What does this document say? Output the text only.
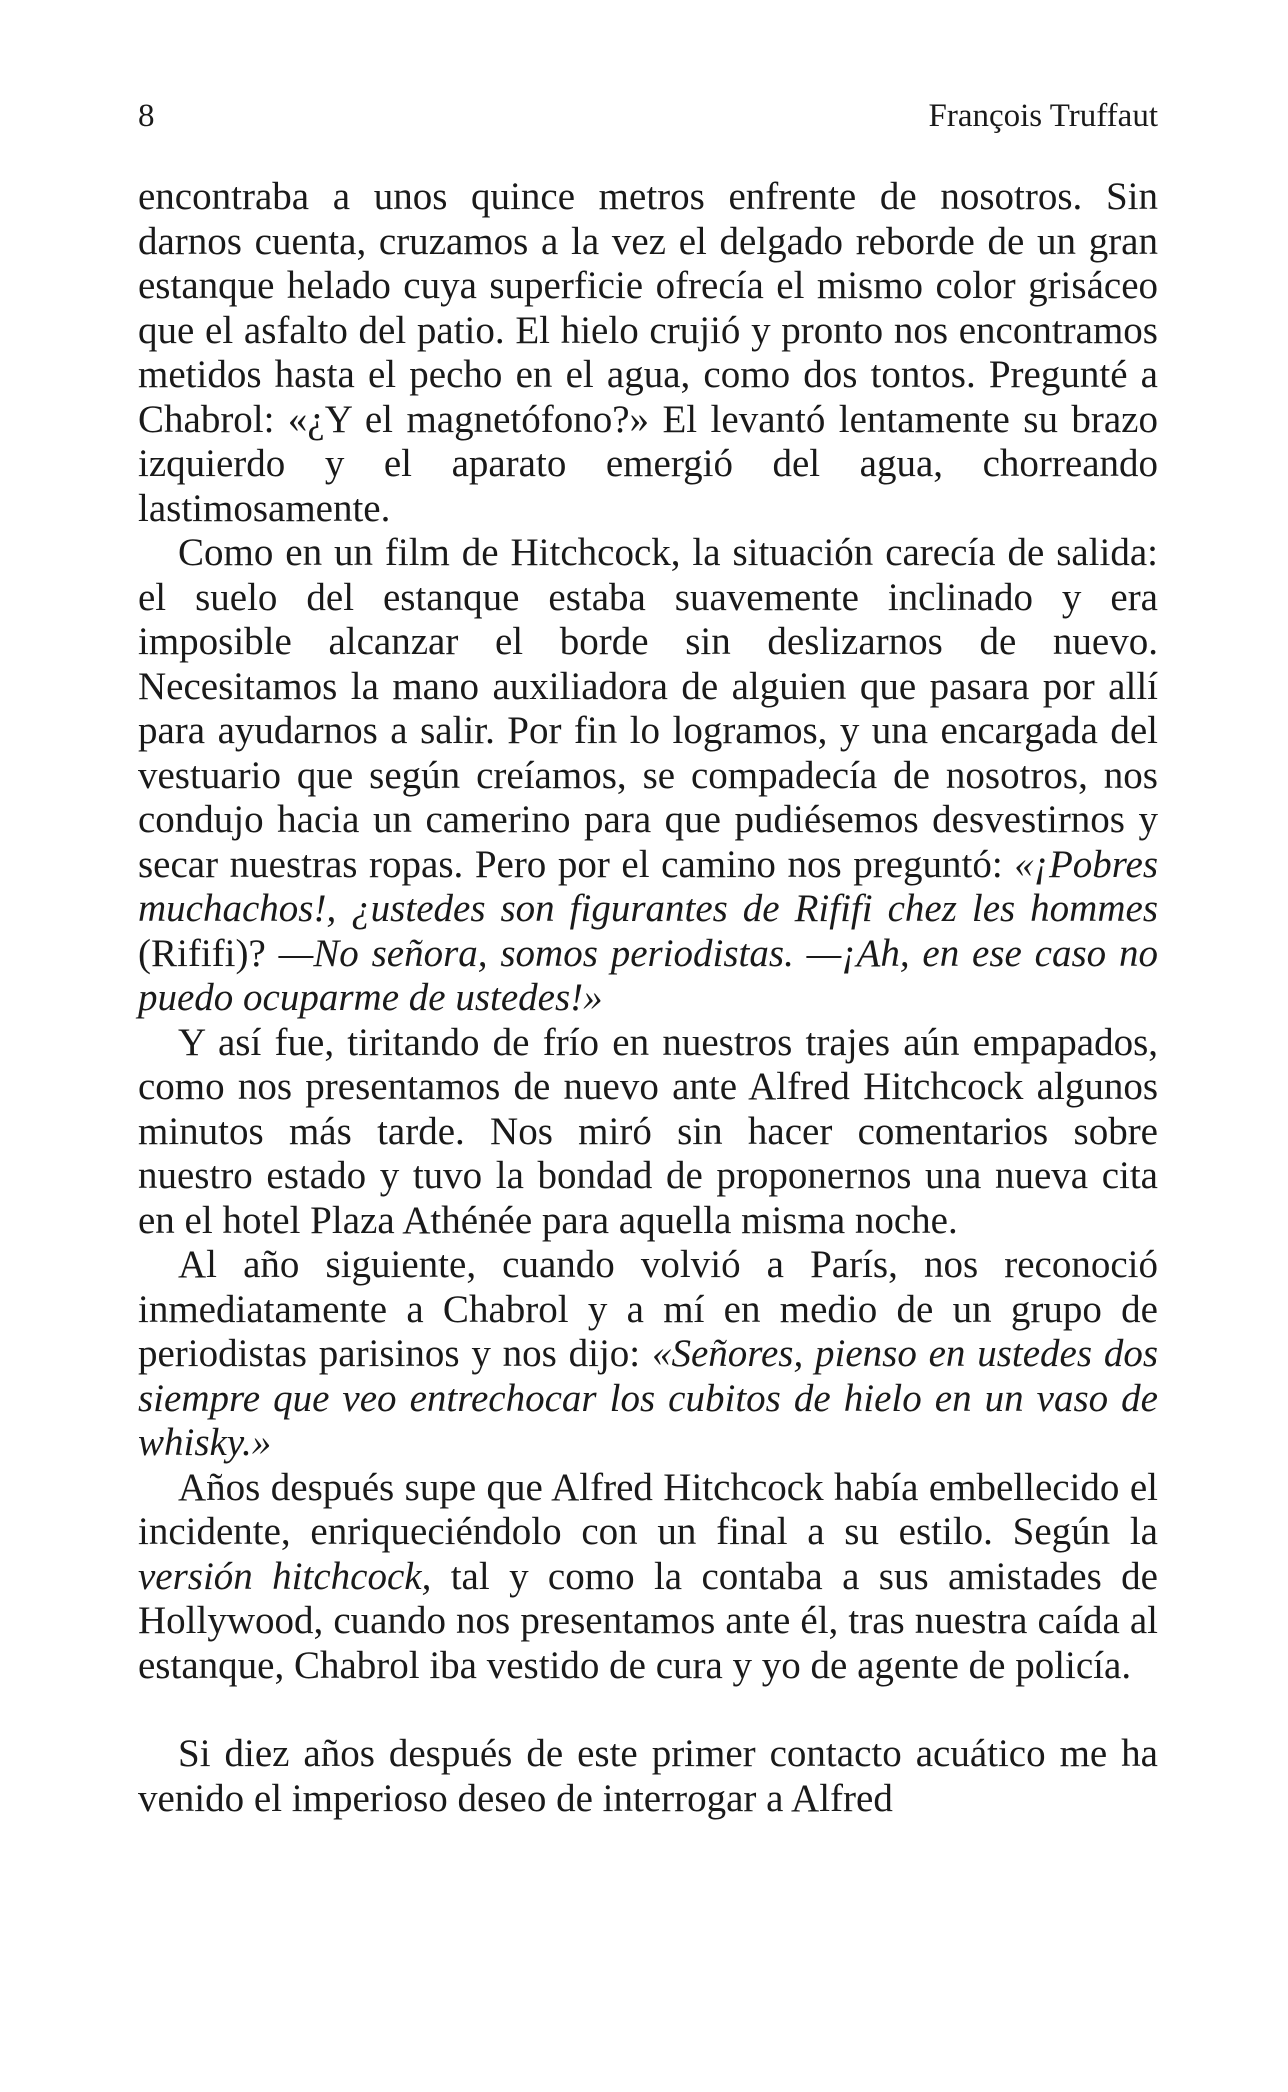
8	François Truffaut

encontraba a unos quince metros enfrente de nosotros. Sin darnos cuenta, cruzamos a la vez el delgado reborde de un gran estanque helado cuya superficie ofrecía el mismo color grisáceo que el asfalto del patio. El hielo crujió y pronto nos encontramos metidos hasta el pecho en el agua, como dos tontos. Pregunté a Chabrol: «¿Y el magnetófono?» El levantó lentamente su brazo izquierdo y el aparato emergió del agua, chorreando lastimosamente.

Como en un film de Hitchcock, la situación carecía de salida: el suelo del estanque estaba suavemente inclinado y era imposible alcanzar el borde sin deslizarnos de nuevo. Necesitamos la mano auxiliadora de alguien que pasara por allí para ayudarnos a salir. Por fin lo logramos, y una encargada del vestuario que según creíamos, se compadecía de nosotros, nos condujo hacia un camerino para que pudiésemos desvestirnos y secar nuestras ropas. Pero por el camino nos preguntó: «¡Pobres muchachos!, ¿ustedes son figurantes de Rififi chez les hommes (Rififi)? —No señora, somos periodistas. —¡Ah, en ese caso no puedo ocuparme de ustedes!»

Y así fue, tiritando de frío en nuestros trajes aún empapados, como nos presentamos de nuevo ante Alfred Hitchcock algunos minutos más tarde. Nos miró sin hacer comentarios sobre nuestro estado y tuvo la bondad de proponernos una nueva cita en el hotel Plaza Athénée para aquella misma noche.

Al año siguiente, cuando volvió a París, nos reconoció inmediatamente a Chabrol y a mí en medio de un grupo de periodistas parisinos y nos dijo: «Señores, pienso en ustedes dos siempre que veo entrechocar los cubitos de hielo en un vaso de whisky.»

Años después supe que Alfred Hitchcock había embellecido el incidente, enriqueciéndolo con un final a su estilo. Según la versión hitchcock, tal y como la contaba a sus amistades de Hollywood, cuando nos presentamos ante él, tras nuestra caída al estanque, Chabrol iba vestido de cura y yo de agente de policía.

Si diez años después de este primer contacto acuático me ha venido el imperioso deseo de interrogar a Alfred
